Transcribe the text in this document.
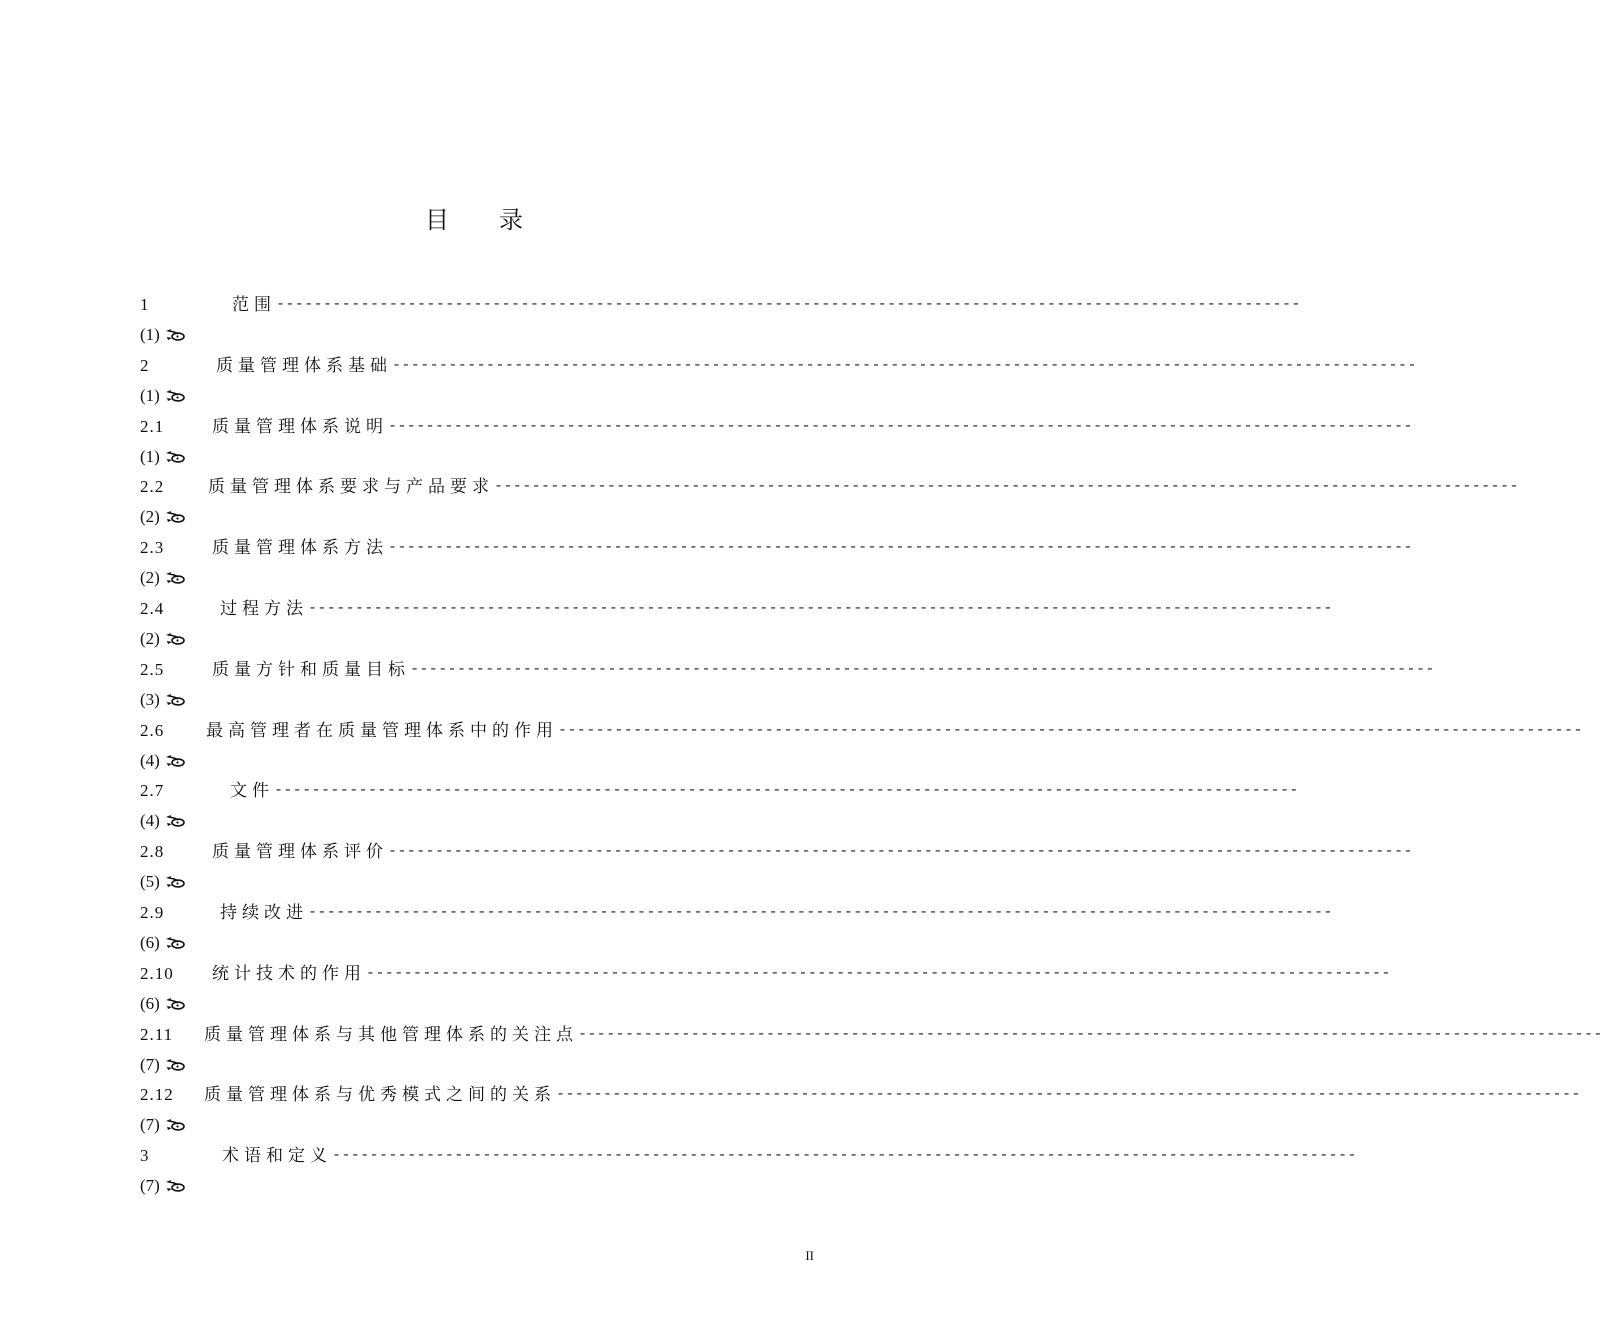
目 录
1	范围 -------------------------------------------------------------------------------------------------------------
(1)
2	质量管理体系基础 -------------------------------------------------------------------------------------------------------------
(1)
2.1	质量管理体系说明 -------------------------------------------------------------------------------------------------------------
(1)
2.2	质量管理体系要求与产品要求 -------------------------------------------------------------------------------------------------------------
(2)
2.3	质量管理体系方法 -------------------------------------------------------------------------------------------------------------
(2)
2.4	过程方法 -------------------------------------------------------------------------------------------------------------
(2)
2.5	质量方针和质量目标 -------------------------------------------------------------------------------------------------------------
(3)
2.6	最高管理者在质量管理体系中的作用 -------------------------------------------------------------------------------------------------------------
(4)
2.7	文件 -------------------------------------------------------------------------------------------------------------
(4)
2.8	质量管理体系评价 -------------------------------------------------------------------------------------------------------------
(5)
2.9	持续改进 -------------------------------------------------------------------------------------------------------------
(6)
2.10	统计技术的作用 -------------------------------------------------------------------------------------------------------------
(6)
2.11	质量管理体系与其他管理体系的关注点 -------------------------------------------------------------------------------------------------------------
(7)
2.12	质量管理体系与优秀模式之间的关系 -------------------------------------------------------------------------------------------------------------
(7)
3	术语和定义 -------------------------------------------------------------------------------------------------------------
(7)
II
